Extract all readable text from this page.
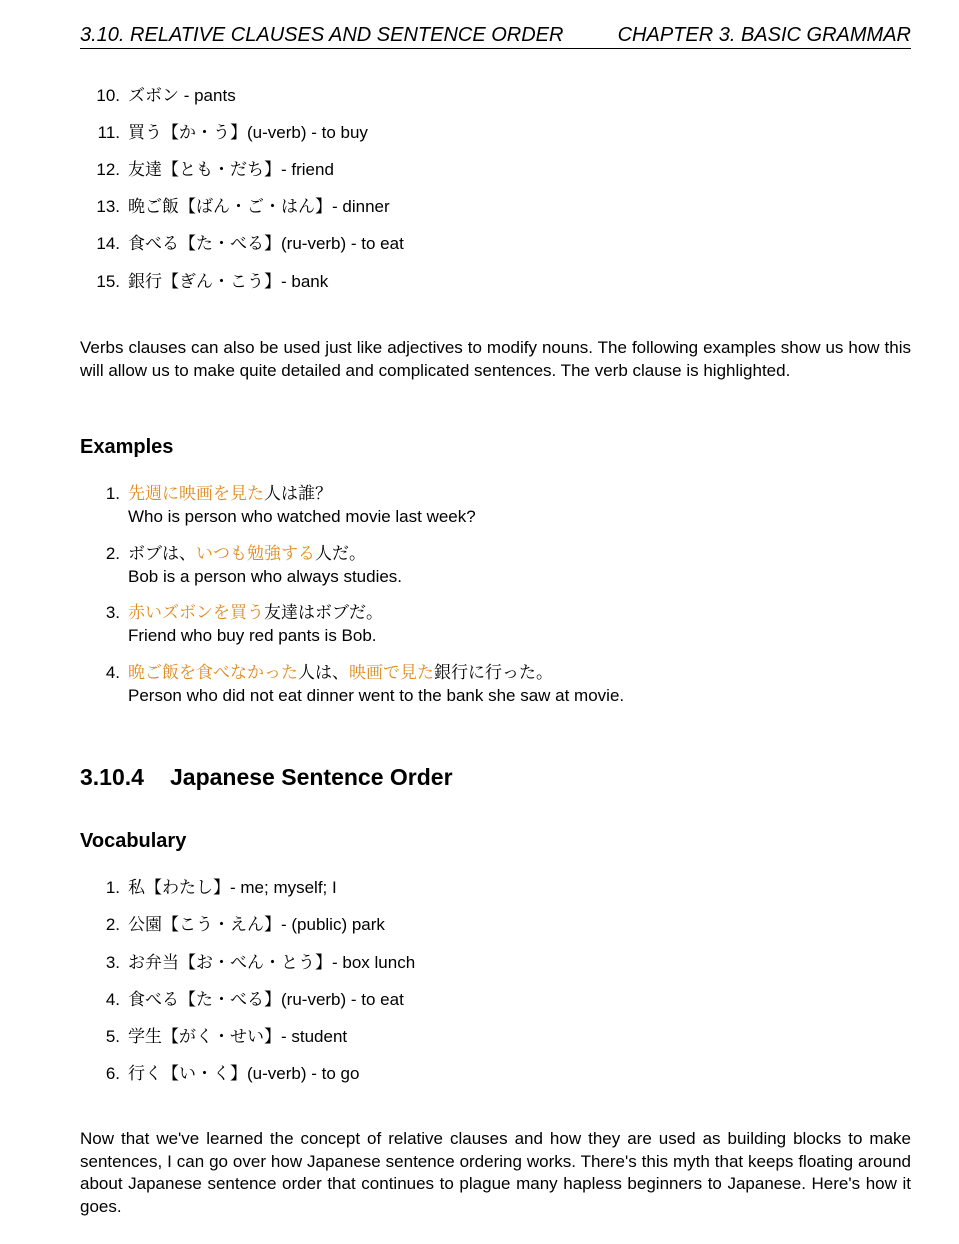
3.10. RELATIVE CLAUSES AND SENTENCE ORDER	CHAPTER 3. BASIC GRAMMAR
10. ズボン - pants
11. 買う【か・う】(u-verb) - to buy
12. 友達【とも・だち】- friend
13. 晩ご飯【ばん・ご・はん】- dinner
14. 食べる【た・べる】(ru-verb) - to eat
15. 銀行【ぎん・こう】- bank
Verbs clauses can also be used just like adjectives to modify nouns. The following examples show us how this will allow us to make quite detailed and complicated sentences. The verb clause is highlighted.
Examples
1. 先週に映画を見た人は誰？
Who is person who watched movie last week?
2. ボブは、いつも勉強する人だ。
Bob is a person who always studies.
3. 赤いズボンを買う友達はボブだ。
Friend who buy red pants is Bob.
4. 晩ご飯を食べなかった人は、映画で見た銀行に行った。
Person who did not eat dinner went to the bank she saw at movie.
3.10.4 Japanese Sentence Order
Vocabulary
1. 私【わたし】- me; myself; I
2. 公園【こう・えん】- (public) park
3. お弁当【お・べん・とう】- box lunch
4. 食べる【た・べる】(ru-verb) - to eat
5. 学生【がく・せい】- student
6. 行く【い・く】(u-verb) - to go
Now that we've learned the concept of relative clauses and how they are used as building blocks to make sentences, I can go over how Japanese sentence ordering works. There's this myth that keeps floating around about Japanese sentence order that continues to plague many hapless beginners to Japanese. Here's how it goes.
